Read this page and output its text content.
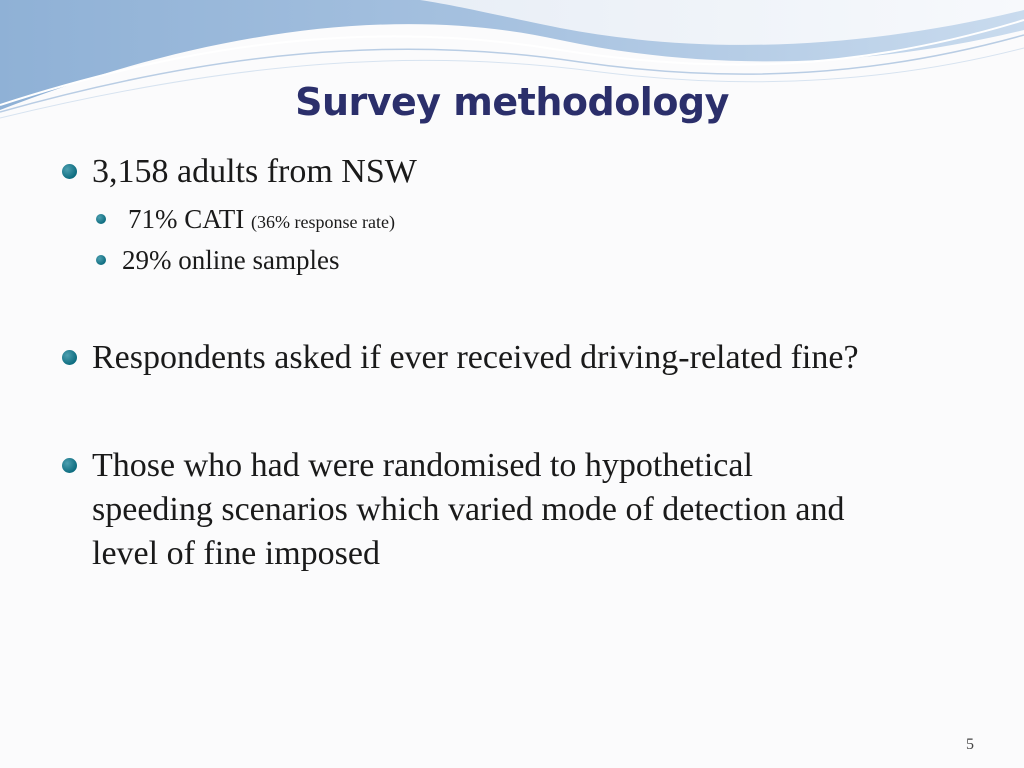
Survey methodology
3,158 adults from NSW
71% CATI (36% response rate)
29% online samples
Respondents asked if ever received driving-related fine?
Those who had were randomised to hypothetical
speeding scenarios which varied mode of detection and
level of fine imposed
5
